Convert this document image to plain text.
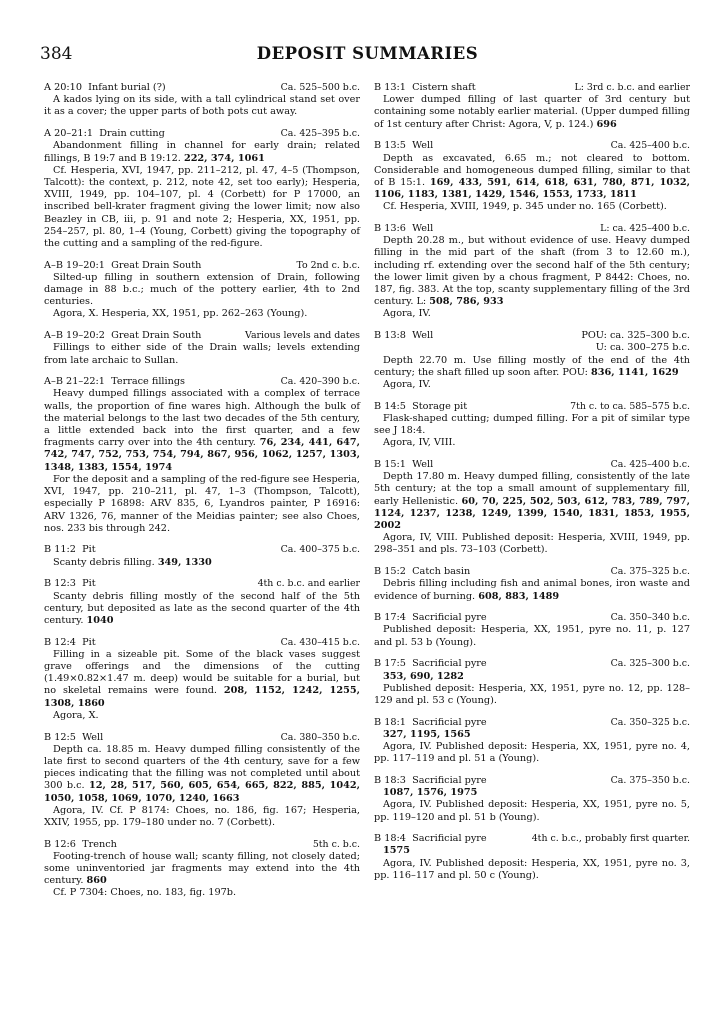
384	DEPOSIT SUMMARIES
A 20:10 Infant burial (?)	Ca. 525–500 b.c.

A kados lying on its side, with a tall cylindrical stand set over it as a cover; the upper parts of both pots cut away.

A 20–21:1 Drain cutting	Ca. 425–395 b.c.

Abandonment filling in channel for early drain; related fillings, B 19:7 and B 19:12. 222, 374, 1061

Cf. Hesperia, XVI, 1947, pp. 211–212, pl. 47, 4–5 (Thompson, Talcott): the context, p. 212, note 42, set too early); Hesperia, XVIII, 1949, pp. 104–107, pl. 4 (Corbett) for P 17000, an inscribed bell-krater fragment giving the lower limit; now also Beazley in CB, iii, p. 91 and note 2; Hesperia, XX, 1951, pp. 254–257, pl. 80, 1–4 (Young, Corbett) giving the topography of the cutting and a sampling of the red-figure.

A–B 19–20:1 Great Drain South	To 2nd c. b.c.

Silted-up filling in southern extension of Drain, following damage in 88 b.c.; much of the pottery earlier, 4th to 2nd centuries.

Agora, X. Hesperia, XX, 1951, pp. 262–263 (Young).

A–B 19–20:2 Great Drain South	Various levels and dates

Fillings to either side of the Drain walls; levels extending from late archaic to Sullan.

A–B 21–22:1 Terrace fillings	Ca. 420–390 b.c.

Heavy dumped fillings associated with a complex of terrace walls, the proportion of fine wares high. Although the bulk of the material belongs to the last two decades of the 5th century, a little extended back into the first quarter, and a few fragments carry over into the 4th century. 76, 234, 441, 647, 742, 747, 752, 753, 754, 794, 867, 956, 1062, 1257, 1303, 1348, 1383, 1554, 1974

For the deposit and a sampling of the red-figure see Hesperia, XVI, 1947, pp. 210–211, pl. 47, 1–3 (Thompson, Talcott), especially P 16898: ARV 835, 6, Lyandros painter, P 16916: ARV 1326, 76, manner of the Meidias painter; see also Choes, nos. 233 bis through 242.

B 11:2 Pit	Ca. 400–375 b.c.

Scanty debris filling. 349, 1330

B 12:3 Pit	4th c. b.c. and earlier

Scanty debris filling mostly of the second half of the 5th century, but deposited as late as the second quarter of the 4th century. 1040

B 12:4 Pit	Ca. 430–415 b.c.

Filling in a sizeable pit. Some of the black vases suggest grave offerings and the dimensions of the cutting (1.49×0.82×1.47 m. deep) would be suitable for a burial, but no skeletal remains were found. 208, 1152, 1242, 1255, 1308, 1860

Agora, X.

B 12:5 Well	Ca. 380–350 b.c.

Depth ca. 18.85 m. Heavy dumped filling consistently of the late first to second quarters of the 4th century, save for a few pieces indicating that the filling was not completed until about 300 b.c. 12, 28, 517, 560, 605, 654, 665, 822, 885, 1042, 1050, 1058, 1069, 1070, 1240, 1663

Agora, IV. Cf. P 8174: Choes, no. 186, fig. 167; Hesperia, XXIV, 1955, pp. 179–180 under no. 7 (Corbett).

B 12:6 Trench	5th c. b.c.

Footing-trench of house wall; scanty filling, not closely dated; some uninventoried jar fragments may extend into the 4th century. 860

Cf. P 7304: Choes, no. 183, fig. 197b.

B 13:1 Cistern shaft	L: 3rd c. b.c. and earlier

Lower dumped filling of last quarter of 3rd century but containing some notably earlier material. (Upper dumped filling of 1st century after Christ: Agora, V, p. 124.) 696

B 13:5 Well	Ca. 425–400 b.c.

Depth as excavated, 6.65 m.; not cleared to bottom. Considerable and homogeneous dumped filling, similar to that of B 15:1. 169, 433, 591, 614, 618, 631, 780, 871, 1032, 1106, 1183, 1381, 1429, 1546, 1553, 1733, 1811

Cf. Hesperia, XVIII, 1949, p. 345 under no. 165 (Corbett).

B 13:6 Well	L: ca. 425–400 b.c.

Depth 20.28 m., but without evidence of use. Heavy dumped filling in the mid part of the shaft (from 3 to 12.60 m.), including rf. extending over the second half of the 5th century; the lower limit given by a chous fragment, P 8442: Choes, no. 187, fig. 383. At the top, scanty supplementary filling of the 3rd century. L: 508, 786, 933

Agora, IV.

B 13:8 Well	POU: ca. 325–300 b.c.
U: ca. 300–275 b.c.

Depth 22.70 m. Use filling mostly of the end of the 4th century; the shaft filled up soon after. POU: 836, 1141, 1629

Agora, IV.

B 14:5 Storage pit	7th c. to ca. 585–575 b.c.

Flask-shaped cutting; dumped filling. For a pit of similar type see J 18:4.

Agora, IV, VIII.

B 15:1 Well	Ca. 425–400 b.c.

Depth 17.80 m. Heavy dumped filling, consistently of the late 5th century; at the top a small amount of supplementary fill, early Hellenistic. 60, 70, 225, 502, 503, 612, 783, 789, 797, 1124, 1237, 1238, 1249, 1399, 1540, 1831, 1853, 1955, 2002

Agora, IV, VIII. Published deposit: Hesperia, XVIII, 1949, pp. 298–351 and pls. 73–103 (Corbett).

B 15:2 Catch basin	Ca. 375–325 b.c.

Debris filling including fish and animal bones, iron waste and evidence of burning. 608, 883, 1489

B 17:4 Sacrificial pyre	Ca. 350–340 b.c.

Published deposit: Hesperia, XX, 1951, pyre no. 11, p. 127 and pl. 53 b (Young).

B 17:5 Sacrificial pyre	Ca. 325–300 b.c.

353, 690, 1282

Published deposit: Hesperia, XX, 1951, pyre no. 12, pp. 128–129 and pl. 53 c (Young).

B 18:1 Sacrificial pyre	Ca. 350–325 b.c.

327, 1195, 1565

Agora, IV. Published deposit: Hesperia, XX, 1951, pyre no. 4, pp. 117–119 and pl. 51 a (Young).

B 18:3 Sacrificial pyre	Ca. 375–350 b.c.

1087, 1576, 1975

Agora, IV. Published deposit: Hesperia, XX, 1951, pyre no. 5, pp. 119–120 and pl. 51 b (Young).

B 18:4 Sacrificial pyre	4th c. b.c., probably first quarter.

1575

Agora, IV. Published deposit: Hesperia, XX, 1951, pyre no. 3, pp. 116–117 and pl. 50 c (Young).
